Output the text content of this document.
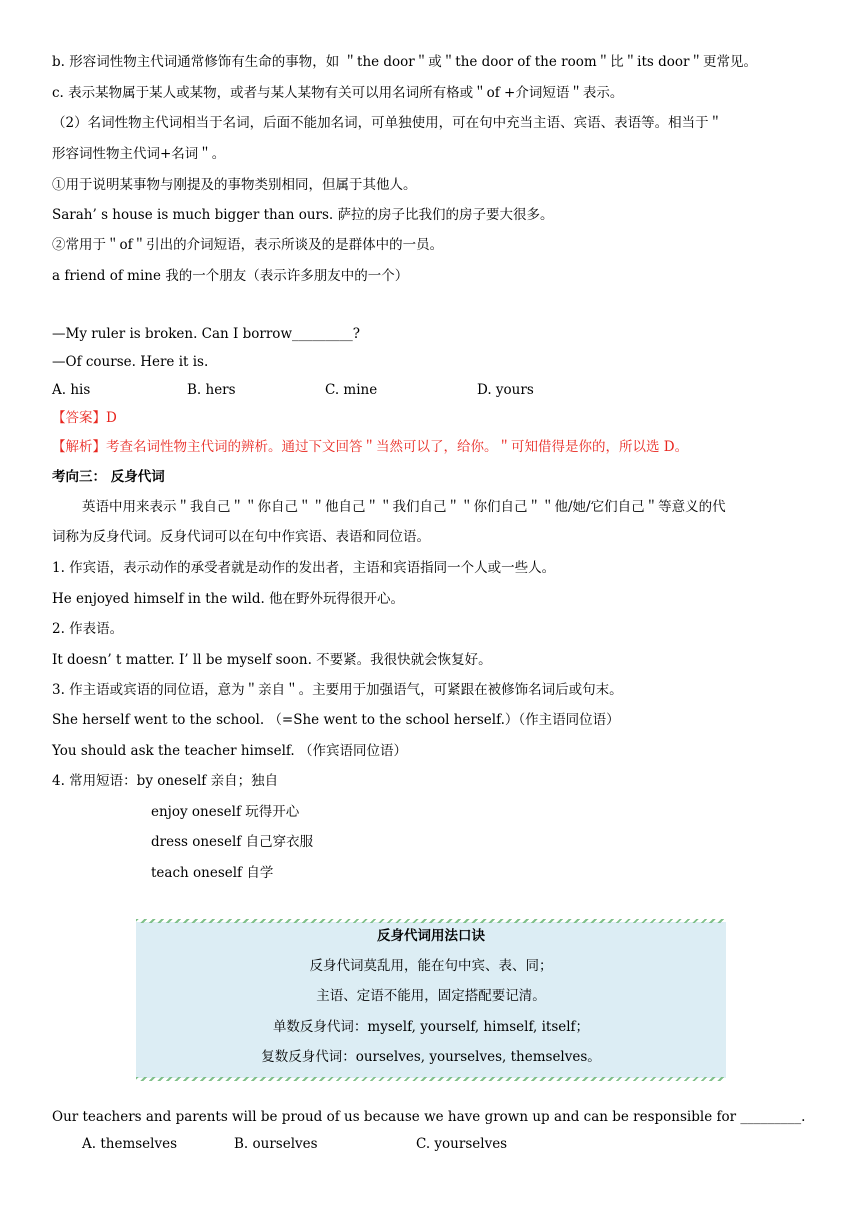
b. 形容词性物主代词通常修饰有生命的事物，如 ＂the door＂或＂the door of the room＂比＂its door＂更常见。
c. 表示某物属于某人或某物，或者与某人某物有关可以用名词所有格或＂of +介词短语＂表示。
（2）名词性物主代词相当于名词，后面不能加名词，可单独使用，可在句中充当主语、宾语、表语等。相当于＂
形容词性物主代词+名词＂。
①用于说明某事物与刚提及的事物类别相同，但属于其他人。
Sarah’ s house is much bigger than ours. 萨拉的房子比我们的房子要大很多。
②常用于＂of＂引出的介词短语，表示所谈及的是群体中的一员。
a friend of mine 我的一个朋友（表示许多朋友中的一个）
—My ruler is broken. Can I borrow_________?
—Of course. Here it is.
A. his	B. hers	C. mine	D. yours
【答案】D
【解析】考查名词性物主代词的辨析。通过下文回答＂当然可以了，给你。＂可知借得是你的，所以选 D。
考向三： 反身代词
英语中用来表示＂我自己＂＂你自己＂＂他自己＂＂我们自己＂＂你们自己＂＂他/她/它们自己＂等意义的代
词称为反身代词。反身代词可以在句中作宾语、表语和同位语。
1. 作宾语，表示动作的承受者就是动作的发出者，主语和宾语指同一个人或一些人。
He enjoyed himself in the wild. 他在野外玩得很开心。
2. 作表语。
It doesn’ t matter. I’ ll be myself soon. 不要紧。我很快就会恢复好。
3. 作主语或宾语的同位语，意为＂亲自＂。主要用于加强语气，可紧跟在被修饰名词后或句末。
She herself went to the school. （=She went to the school herself.）（作主语同位语）
You should ask the teacher himself. （作宾语同位语）
4. 常用短语：by oneself 亲自；独自
enjoy oneself 玩得开心
dress oneself 自己穿衣服
teach oneself 自学
反身代词用法口诀
反身代词莫乱用，能在句中宾、表、同；
主语、定语不能用，固定搭配要记清。
单数反身代词：myself, yourself, himself, itself；
复数反身代词：ourselves, yourselves, themselves。
Our teachers and parents will be proud of us because we have grown up and can be responsible for _________.
A. themselves	B. ourselves	C. yourselves
